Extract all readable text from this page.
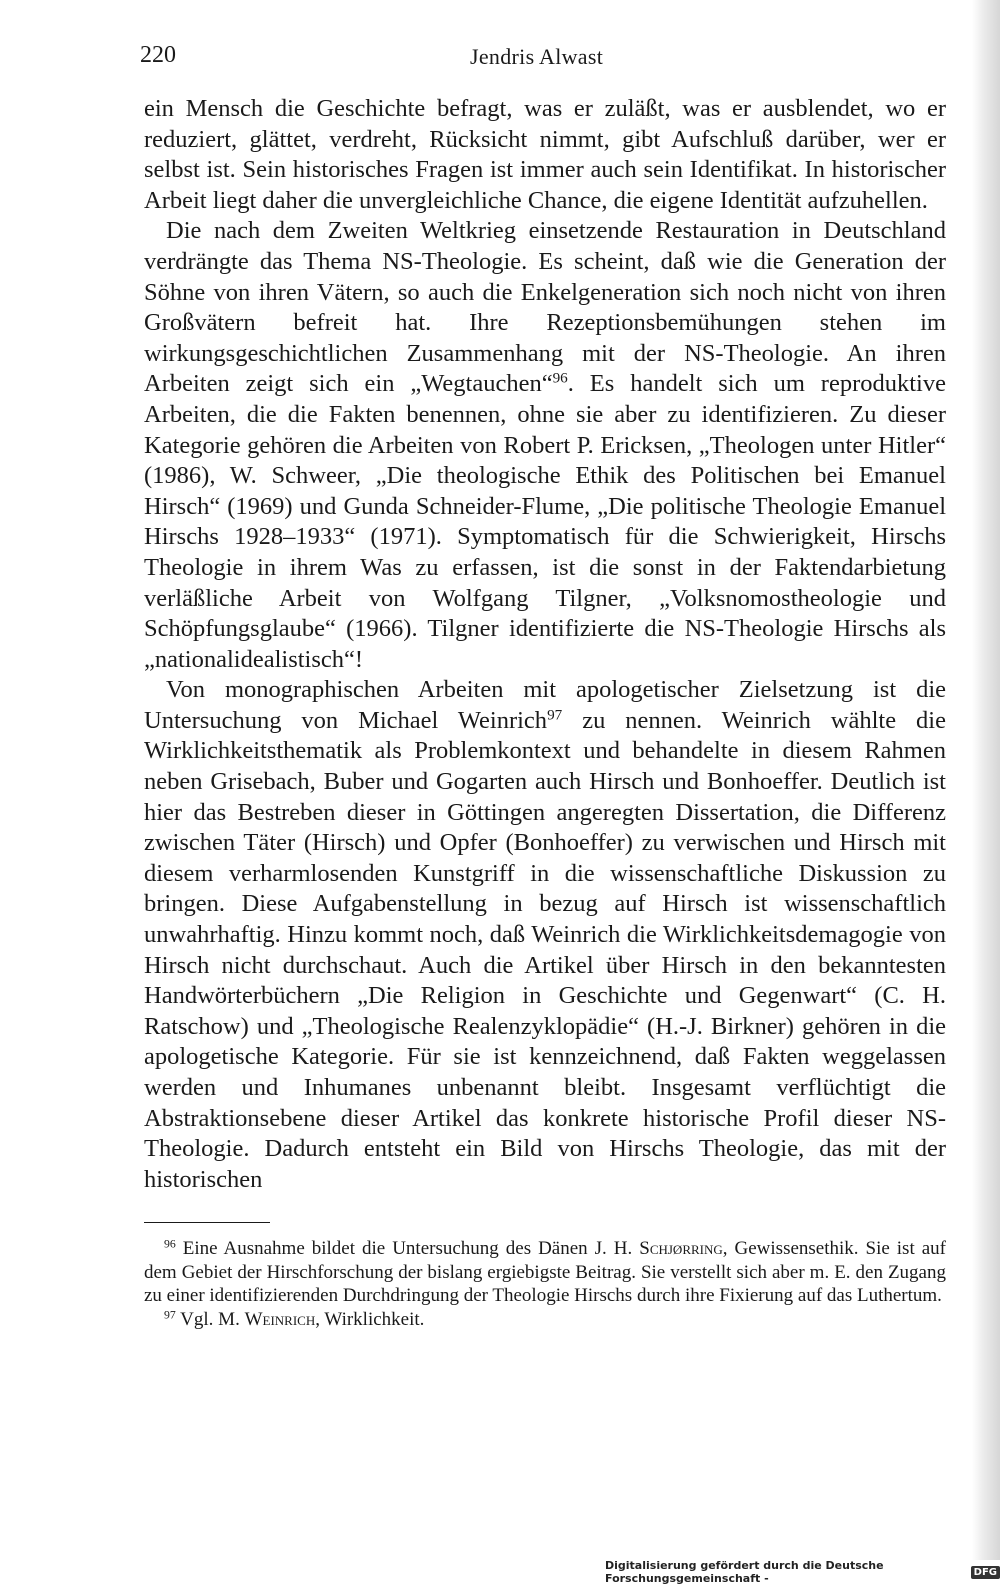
220	Jendris Alwast

ein Mensch die Geschichte befragt, was er zuläßt, was er ausblendet, wo er reduziert, glättet, verdreht, Rücksicht nimmt, gibt Aufschluß darüber, wer er selbst ist. Sein historisches Fragen ist immer auch sein Identifikat. In historischer Arbeit liegt daher die unvergleichliche Chance, die eigene Identität aufzuhellen.

Die nach dem Zweiten Weltkrieg einsetzende Restauration in Deutschland verdrängte das Thema NS-Theologie. Es scheint, daß wie die Generation der Söhne von ihren Vätern, so auch die Enkelgeneration sich noch nicht von ihren Großvätern befreit hat. Ihre Rezeptionsbemühungen stehen im wirkungsgeschichtlichen Zusammenhang mit der NS-Theologie. An ihren Arbeiten zeigt sich ein „Wegtauchen“$^{96}$. Es handelt sich um reproduktive Arbeiten, die die Fakten benennen, ohne sie aber zu identifizieren. Zu dieser Kategorie gehören die Arbeiten von Robert P. Ericksen, „Theologen unter Hitler“ (1986), W. Schweer, „Die theologische Ethik des Politischen bei Emanuel Hirsch“ (1969) und Gunda Schneider-Flume, „Die politische Theologie Emanuel Hirschs 1928–1933“ (1971). Symptomatisch für die Schwierigkeit, Hirschs Theologie in ihrem Was zu erfassen, ist die sonst in der Faktendarbietung verläßliche Arbeit von Wolfgang Tilgner, „Volksnomostheologie und Schöpfungsglaube“ (1966). Tilgner identifizierte die NS-Theologie Hirschs als „nationalidealistisch“!

Von monographischen Arbeiten mit apologetischer Zielsetzung ist die Untersuchung von Michael Weinrich$^{97}$ zu nennen. Weinrich wählte die Wirklichkeitsthematik als Problemkontext und behandelte in diesem Rahmen neben Grisebach, Buber und Gogarten auch Hirsch und Bonhoeffer. Deutlich ist hier das Bestreben dieser in Göttingen angeregten Dissertation, die Differenz zwischen Täter (Hirsch) und Opfer (Bonhoeffer) zu verwischen und Hirsch mit diesem verharmlosenden Kunstgriff in die wissenschaftliche Diskussion zu bringen. Diese Aufgabenstellung in bezug auf Hirsch ist wissenschaftlich unwahrhaftig. Hinzu kommt noch, daß Weinrich die Wirklichkeitsdemagogie von Hirsch nicht durchschaut. Auch die Artikel über Hirsch in den bekanntesten Handwörterbüchern „Die Religion in Geschichte und Gegenwart“ (C. H. Ratschow) und „Theologische Realenzyklopädie“ (H.-J. Birkner) gehören in die apologetische Kategorie. Für sie ist kennzeichnend, daß Fakten weggelassen werden und Inhumanes unbenannt bleibt. Insgesamt verflüchtigt die Abstraktionsebene dieser Artikel das konkrete historische Profil dieser NS-Theologie. Dadurch entsteht ein Bild von Hirschs Theologie, das mit der historischen

$^{96}$ Eine Ausnahme bildet die Untersuchung des Dänen J. H. Schjørring, Gewissensethik. Sie ist auf dem Gebiet der Hirschforschung der bislang ergiebigste Beitrag. Sie verstellt sich aber m. E. den Zugang zu einer identifizierenden Durchdringung der Theologie Hirschs durch ihre Fixierung auf das Luthertum.

$^{97}$ Vgl. M. Weinrich, Wirklichkeit.

Digitalisierung gefördert durch die Deutsche Forschungsgemeinschaft -	DFG
